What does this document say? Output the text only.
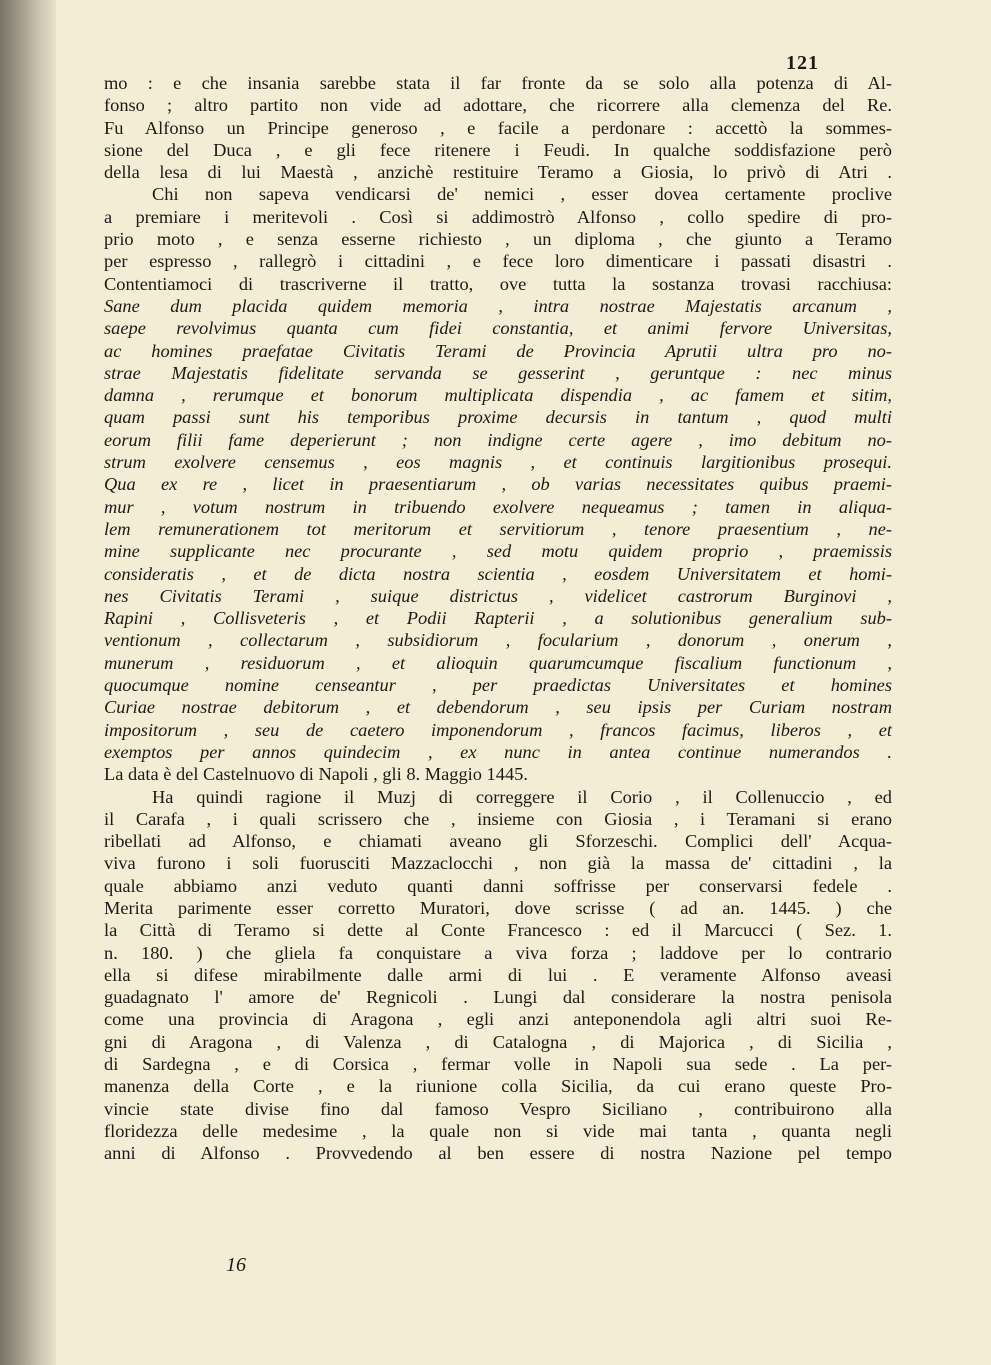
121

mo : e che insania sarebbe stata il far fronte da se solo alla potenza di Al-

fonso ; altro partito non vide ad adottare, che ricorrere alla clemenza del Re.

Fu Alfonso un Principe generoso , e facile a perdonare : accettò la sommes-

sione del Duca , e gli fece ritenere i Feudi. In qualche soddisfazione però

della lesa di lui Maestà , anzichè restituire Teramo a Giosia, lo privò di Atri .

Chi non sapeva vendicarsi de' nemici , esser dovea certamente proclive

a premiare i meritevoli . Così si addimostrò Alfonso , collo spedire di pro-

prio moto , e senza esserne richiesto , un diploma , che giunto a Teramo

per espresso , rallegrò i cittadini , e fece loro dimenticare i passati disastri .

Contentiamoci di trascriverne il tratto, ove tutta la sostanza trovasi racchiusa:

Sane dum placida quidem memoria , intra nostrae Majestatis arcanum ,

saepe revolvimus quanta cum fidei constantia, et animi fervore Universitas,

ac homines praefatae Civitatis Terami de Provincia Aprutii ultra pro no-

strae Majestatis fidelitate servanda se gesserint , geruntque : nec minus

damna , rerumque et bonorum multiplicata dispendia , ac famem et sitim,

quam passi sunt his temporibus proxime decursis in tantum , quod multi

eorum filii fame deperierunt ; non indigne certe agere , imo debitum no-

strum exolvere censemus , eos magnis , et continuis largitionibus prosequi.

Qua ex re , licet in praesentiarum , ob varias necessitates quibus praemi-

mur , votum nostrum in tribuendo exolvere nequeamus ; tamen in aliqua-

lem remunerationem tot meritorum et servitiorum , tenore praesentium , ne-

mine supplicante nec procurante , sed motu quidem proprio , praemissis

consideratis , et de dicta nostra scientia , eosdem Universitatem et homi-

nes Civitatis Terami , suique districtus , videlicet castrorum Burginovi ,

Rapini , Collisveteris , et Podii Rapterii , a solutionibus generalium sub-

ventionum , collectarum , subsidiorum , focularium , donorum , onerum ,

munerum , residuorum , et alioquin quarumcumque fiscalium functionum ,

quocumque nomine censeantur , per praedictas Universitates et homines

Curiae nostrae debitorum , et debendorum , seu ipsis per Curiam nostram

impositorum , seu de caetero imponendorum , francos facimus, liberos , et

exemptos per annos quindecim , ex nunc in antea continue numerandos .

La data è del Castelnuovo di Napoli , gli 8. Maggio 1445.

Ha quindi ragione il Muzj di correggere il Corio , il Collenuccio , ed

il Carafa , i quali scrissero che , insieme con Giosia , i Teramani si erano

ribellati ad Alfonso, e chiamati aveano gli Sforzeschi. Complici dell' Acqua-

viva furono i soli fuorusciti Mazzaclocchi , non già la massa de' cittadini , la

quale abbiamo anzi veduto quanti danni soffrisse per conservarsi fedele .

Merita parimente esser corretto Muratori, dove scrisse ( ad an. 1445. ) che

la Città di Teramo si dette al Conte Francesco : ed il Marcucci ( Sez. 1.

n. 180. ) che gliela fa conquistare a viva forza ; laddove per lo contrario

ella si difese mirabilmente dalle armi di lui . E veramente Alfonso aveasi

guadagnato l' amore de' Regnicoli . Lungi dal considerare la nostra penisola

come una provincia di Aragona , egli anzi anteponendola agli altri suoi Re-

gni di Aragona , di Valenza , di Catalogna , di Majorica , di Sicilia ,

di Sardegna , e di Corsica , fermar volle in Napoli sua sede . La per-

manenza della Corte , e la riunione colla Sicilia, da cui erano queste Pro-

vincie state divise fino dal famoso Vespro Siciliano , contribuirono alla

floridezza delle medesime , la quale non si vide mai tanta , quanta negli

anni di Alfonso . Provvedendo al ben essere di nostra Nazione pel tempo

16
